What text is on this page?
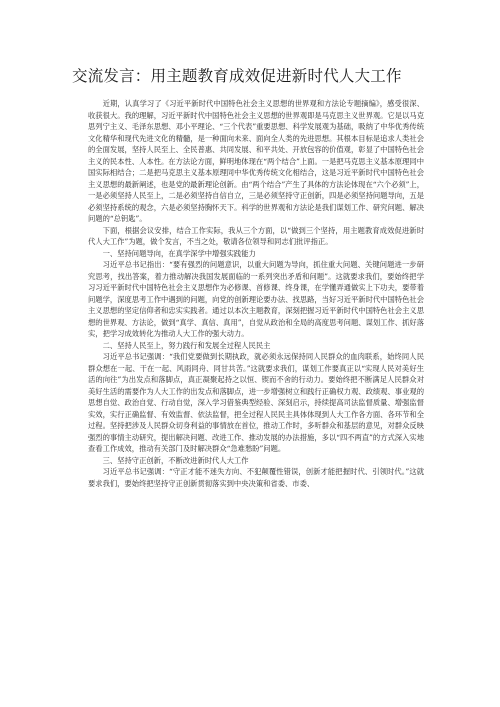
交流发言：用主题教育成效促进新时代人大工作

近期，认真学习了《习近平新时代中国特色社会主义思想的世界观和方法论专题摘编》，感受很深、收获很大。我的理解，习近平新时代中国特色社会主义思想的世界观即是马克思主义世界观。它是以马克思列宁主义、毛泽东思想、邓小平理论、“三个代表”重要思想、科学发展观为基础，吸纳了中华优秀传统文化精华和现代先进文化的精髓，是一种面向未来、面向全人类的先进思想。其根本目标是追求人类社会的全面发展，坚持人民至上、全民普惠、共同发展、和平共处、开放包容的价值观，彰显了中国特色社会主义的民本性、人本性。在方法论方面，鲜明地体现在“两个结合”上面。一是把马克思主义基本原理同中国实际相结合；二是把马克思主义基本原理同中华优秀传统文化相结合，这是习近平新时代中国特色社会主义思想的最新阐述，也是党的最新理论创新。由“两个结合”产生了具体的方法论体现在“六个必须”上，一是必须坚持人民至上，二是必须坚持自信自立，三是必须坚持守正创新，四是必须坚持问题导向，五是必须坚持系统的观念，六是必须坚持胸怀天下。科学的世界观和方法论是我们谋划工作、研究问题、解决问题的“总钥匙”。

下面，根据会议安排，结合工作实际，我从三个方面，以“做到三个坚持，用主题教育成效促进新时代人大工作”为题，做个发言，不当之处，敬请各位领导和同志们批评指正。

一、坚持问题导向，在真学深学中增强实践能力

习近平总书记指出：“要有强烈的问题意识，以重大问题为导向，抓住重大问题、关键问题进一步研究思考，找出答案，着力推动解决我国发展面临的一系列突出矛盾和问题”。这就要求我们，要始终把学习习近平新时代中国特色社会主义思想作为必修课、首修课、终身课，在学懂弄通做实上下功夫，要带着问题学，深度思考工作中遇到的问题，向党的创新理论要办法、找思路，当好习近平新时代中国特色社会主义思想的坚定信仰者和忠实实践者。通过以本次主题教育，深刻把握习近平新时代中国特色社会主义思想的世界观、方法论，做到“真学、真信、真用”，自觉从政治和全局的高度思考问题、谋划工作、抓好落实，把学习成效转化为推动人大工作的强大动力。

二、坚持人民至上，努力践行和发展全过程人民民主

习近平总书记强调：“我们党要做到长期执政，就必须永远保持同人民群众的血肉联系，始终同人民群众想在一起、干在一起、风雨同舟、同甘共苦。”这就要求我们，谋划工作要真正以“实现人民对美好生活的向往”为出发点和落脚点，真正凝聚起持之以恒、锲而不舍的行动力。要始终把不断满足人民群众对美好生活的需要作为人大工作的出发点和落脚点，进一步增强树立和践行正确权力观、政绩观、事业观的思想自觉、政治自觉、行动自觉，深入学习借鉴典型经验、深刻启示，持续提高司法监督质量、增强监督实效，实行正确监督、有效监督、依法监督，把全过程人民民主具体体现到人大工作各方面、各环节和全过程。坚持把涉及人民群众切身利益的事情放在首位，推动工作时，多听群众和基层的意见，对群众反映强烈的事情主动研究，提出解决问题、改进工作、推动发展的办法措施，多以“四不两直”的方式深入实地查看工作成效，推动有关部门及时解决群众“急难愁盼”问题。

三、坚持守正创新，不断改进新时代人大工作

习近平总书记强调：“守正才能不迷失方向、不犯颠覆性错误，创新才能把握时代、引领时代。”这就要求我们，要始终把坚持守正创新贯彻落实到中央决策和省委、市委、
